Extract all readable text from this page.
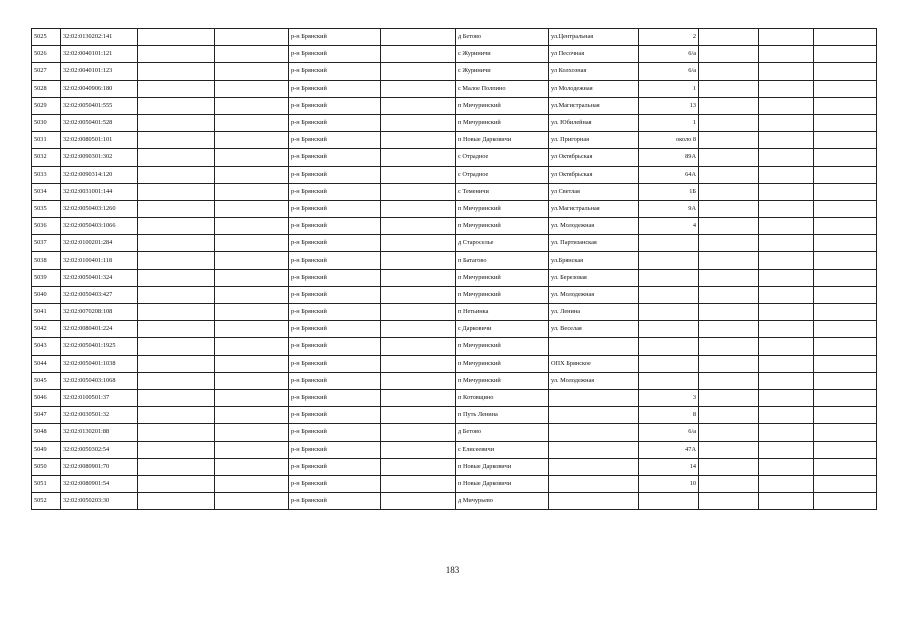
5025	32:02:0130202:141			р-н Брянский		д Бетово	ул.Центральная	2			
5026	32:02:0040101:121			р-н Брянский		с Журиничи	ул Песочная	6/а			
5027	32:02:0040101:123			р-н Брянский		с Журиничи	ул Колхозная	6/а			
5028	32:02:0040906:180			р-н Брянский		с Малое Полпино	ул Молодежная	1			
5029	32:02:0050401:555			р-н Брянский		п Мичуринский	ул.Магистральная	13			
5030	32:02:0050401:528			р-н Брянский		п Мичуринский	ул. Юбилейная	1			
5031	32:02:0080501:101			р-н Брянский		п Новые Дарковичи	ул. Пригорная	около 8			
5032	32:02:0090301:302			р-н Брянский		с Отрадное	ул Октябрьская	89А			
5033	32:02:0090314:120			р-н Брянский		с Отрадное	ул Октябрьская	64А			
5034	32:02:0031001:144			р-н Брянский		с Теменичи	ул Светлая	1Б			
5035	32:02:0050403:1260			р-н Брянский		п Мичуринский	ул.Магистральная	9А			
5036	32:02:0050403:1066			р-н Брянский		п Мичуринский	ул. Молодежная	4			
5037	32:02:0100201:284			р-н Брянский		д Староселье	ул. Партизанская				
5038	32:02:0100401:118			р-н Брянский		п Батагово	ул.Брянская				
5039	32:02:0050401:324			р-н Брянский		п Мичуринский	ул. Березовая				
5040	32:02:0050403:427			р-н Брянский		п Мичуринский	ул. Молодежная				
5041	32:02:0070208:108			р-н Брянский		п Нетьинка	ул. Ленина				
5042	32:02:0080401:224			р-н Брянский		с Дарковичи	ул. Веселая				
5043	32:02:0050401:1925			р-н Брянский		п Мичуринский					
5044	32:02:0050401:1038			р-н Брянский		п Мичуринский	ОПХ Брянское				
5045	32:02:0050403:1068			р-н Брянский		п Мичуринский	ул. Молодежная				
5046	32:02:0100501:37			р-н Брянский		п Котовщино		3			
5047	32:02:0030501:32			р-н Брянский		п Путь Ленина		8			
5048	32:02:0130201:88			р-н Брянский		д Бетово		6/а			
5049	32:02:0050302:54			р-н Брянский		с Елисеевичи		47А			
5050	32:02:0080901:70			р-н Брянский		п Новые Дарковичи		14			
5051	32:02:0080901:54			р-н Брянский		п Новые Дарковичи		10			
5052	32:02:0050203:30			р-н Брянский		д Мичурьево					
183
